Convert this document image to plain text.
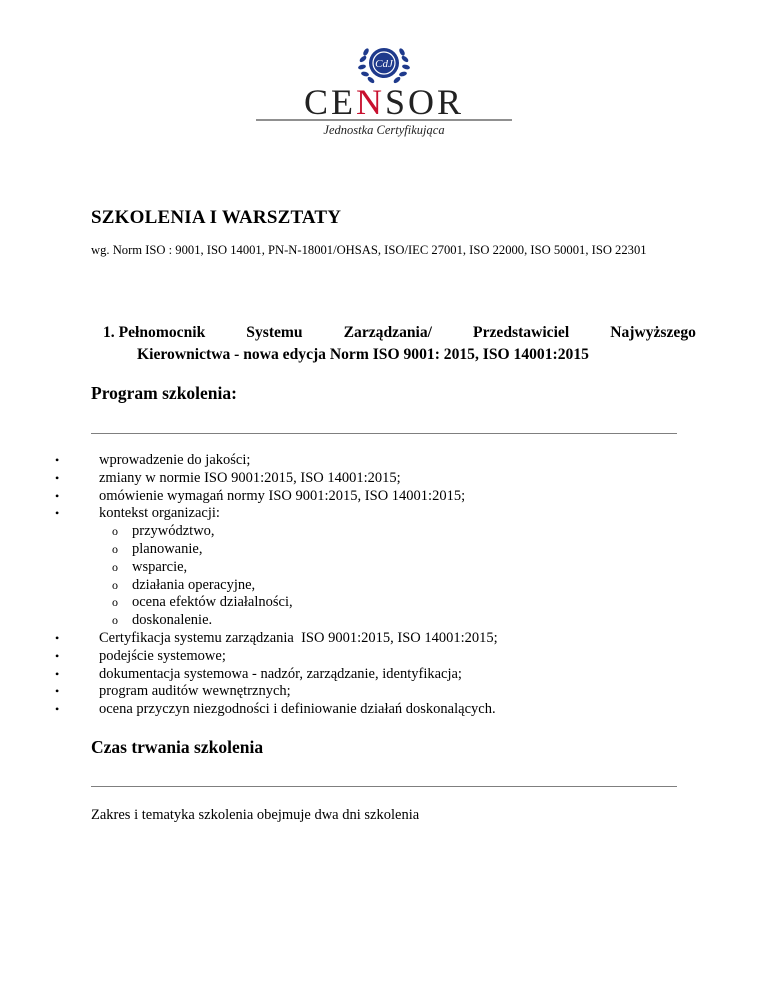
CdJ
CENSOR
Jednostka Certyfikująca
SZKOLENIA I WARSZTATY
wg. Norm ISO : 9001, ISO 14001, PN-N-18001/OHSAS, ISO/IEC 27001, ISO 22000, ISO 50001, ISO 22301
1. Pełnomocnik	Systemu	Zarządzania/	Przedstawiciel	Najwyższego
Kierownictwa - nowa edycja Norm ISO 9001: 2015, ISO 14001:2015
Program szkolenia:
• wprowadzenie do jakości;
• zmiany w normie ISO 9001:2015, ISO 14001:2015;
• omówienie wymagań normy ISO 9001:2015, ISO 14001:2015;
• kontekst organizacji:
o przywództwo,
o planowanie,
o wsparcie,
o działania operacyjne,
o ocena efektów działalności,
o doskonalenie.
• Certyfikacja systemu zarządzania  ISO 9001:2015, ISO 14001:2015;
• podejście systemowe;
• dokumentacja systemowa - nadzór, zarządzanie, identyfikacja;
• program auditów wewnętrznych;
• ocena przyczyn niezgodności i definiowanie działań doskonalących.
Czas trwania szkolenia
Zakres i tematyka szkolenia obejmuje dwa dni szkolenia
